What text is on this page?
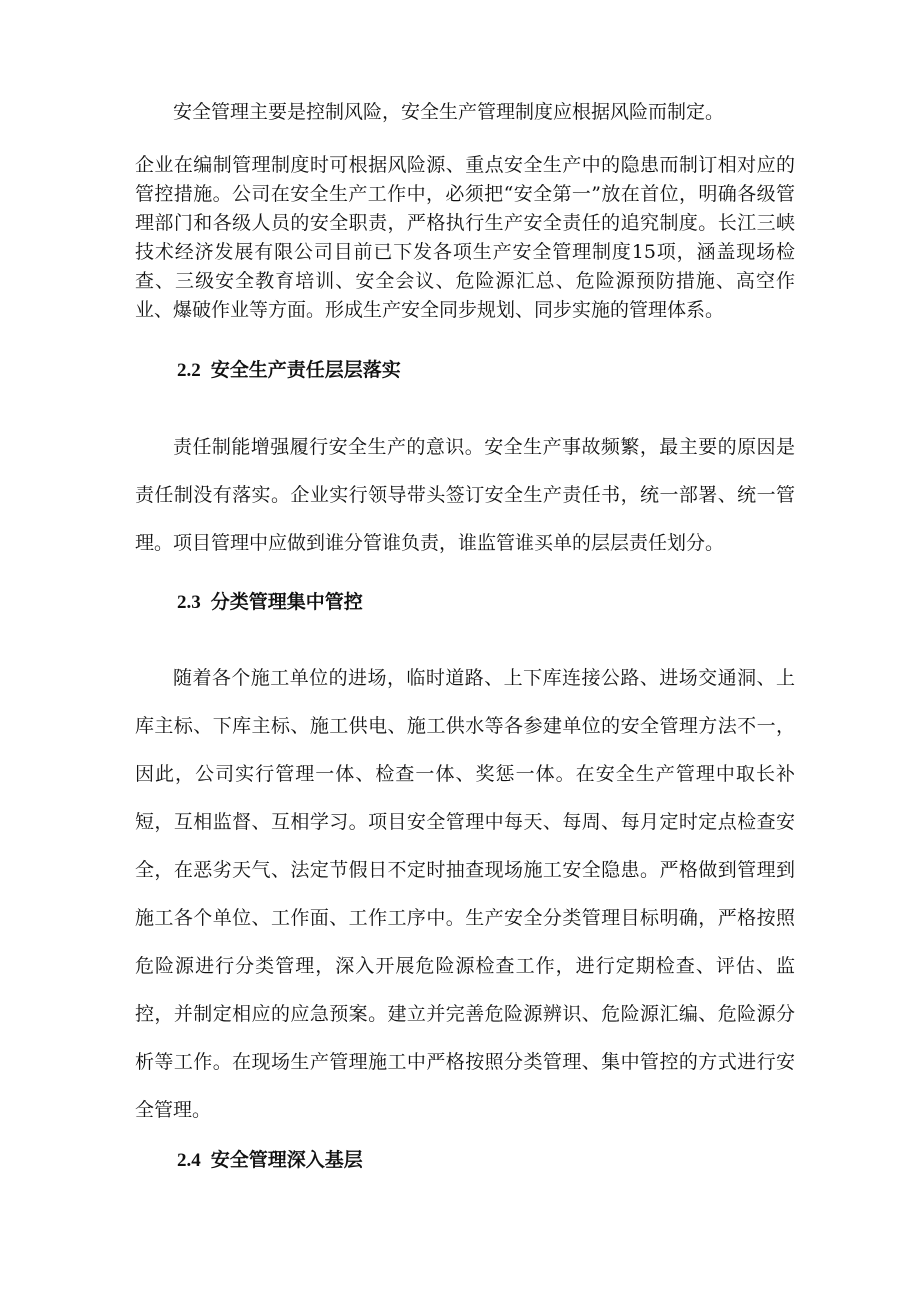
安全管理主要是控制风险，安全生产管理制度应根据风险而制定。

企业在编制管理制度时可根据风险源、重点安全生产中的隐患而制订相对应的管控措施。公司在安全生产工作中，必须把“安全第一”放在首位，明确各级管理部门和各级人员的安全职责，严格执行生产安全责任的追究制度。长江三峡技术经济发展有限公司目前已下发各项生产安全管理制度15项，涵盖现场检查、三级安全教育培训、安全会议、危险源汇总、危险源预防措施、高空作业、爆破作业等方面。形成生产安全同步规划、同步实施的管理体系。

2.2 安全生产责任层层落实

责任制能增强履行安全生产的意识。安全生产事故频繁，最主要的原因是责任制没有落实。企业实行领导带头签订安全生产责任书，统一部署、统一管理。项目管理中应做到谁分管谁负责，谁监管谁买单的层层责任划分。

2.3 分类管理集中管控

随着各个施工单位的进场，临时道路、上下库连接公路、进场交通洞、上库主标、下库主标、施工供电、施工供水等各参建单位的安全管理方法不一，因此，公司实行管理一体、检查一体、奖惩一体。在安全生产管理中取长补短，互相监督、互相学习。项目安全管理中每天、每周、每月定时定点检查安全，在恶劣天气、法定节假日不定时抽查现场施工安全隐患。严格做到管理到施工各个单位、工作面、工作工序中。生产安全分类管理目标明确，严格按照危险源进行分类管理，深入开展危险源检查工作，进行定期检查、评估、监控，并制定相应的应急预案。建立并完善危险源辨识、危险源汇编、危险源分析等工作。在现场生产管理施工中严格按照分类管理、集中管控的方式进行安全管理。

2.4 安全管理深入基层
